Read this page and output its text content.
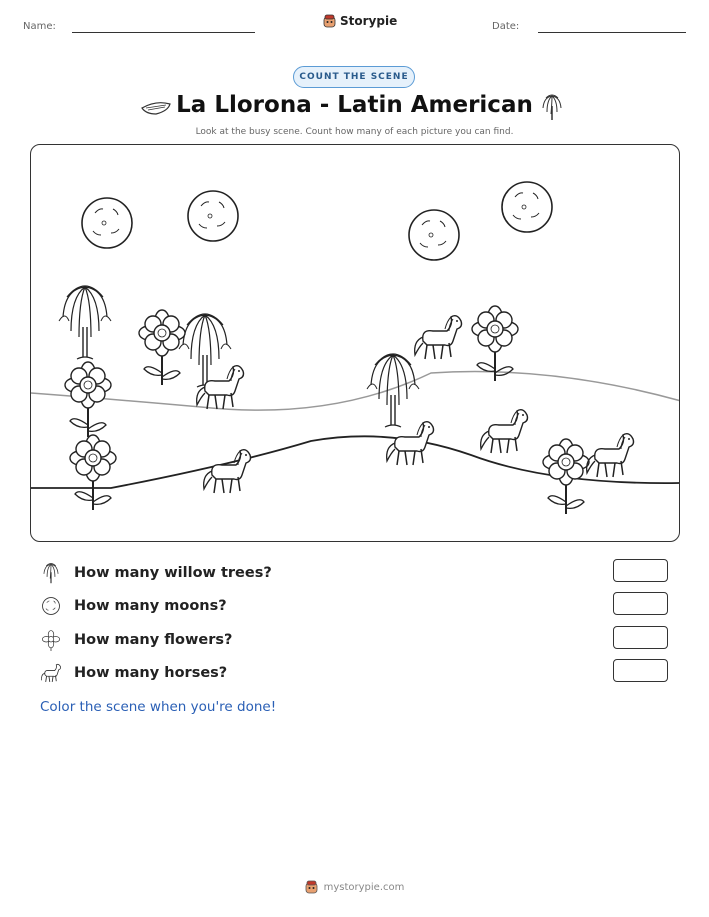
Name:	Storypie	Date:
COUNT THE SCENE
La Llorona - Latin American
Look at the busy scene. Count how many of each picture you can find.
How many willow trees?
How many moons?
How many flowers?
How many horses?
Color the scene when you're done!
mystorypie.com
